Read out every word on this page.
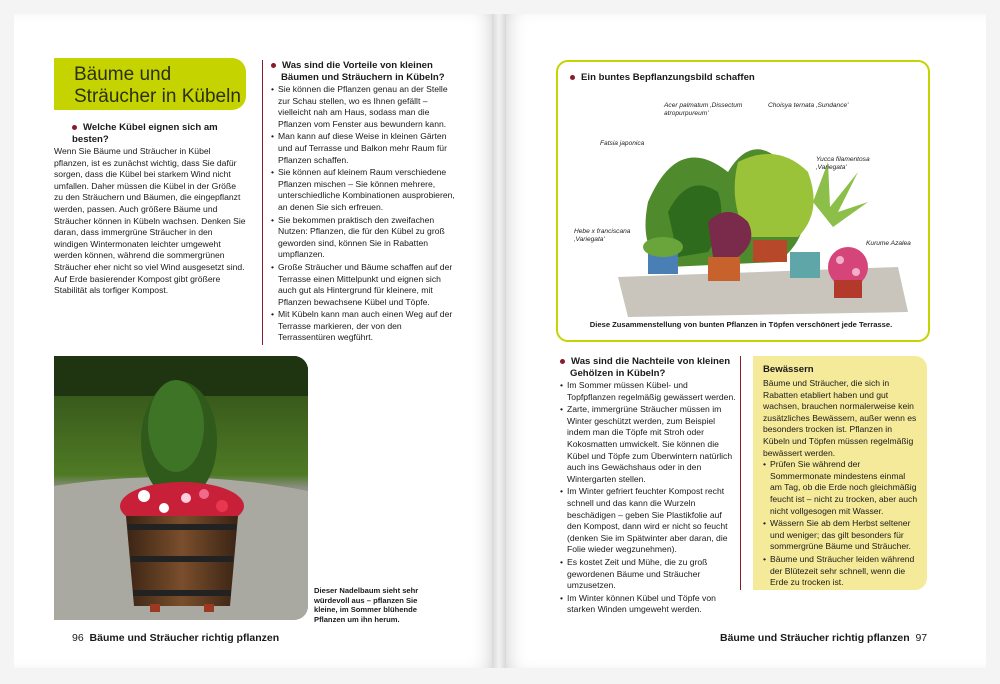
Bäume und Sträucher in Kübeln
Welche Kübel eignen sich am besten?
Wenn Sie Bäume und Sträucher in Kübel pflanzen, ist es zunächst wichtig, dass Sie dafür sorgen, dass die Kübel bei starkem Wind nicht umfallen. Daher müssen die Kübel in der Größe zu den Sträuchern und Bäumen, die eingepflanzt werden, passen. Auch größere Bäume und Sträucher können in Kübeln wachsen. Denken Sie daran, dass immergrüne Sträucher in den windigen Wintermonaten leichter umgeweht werden können, während die sommergrünen Sträucher eher nicht so viel Wind ausgesetzt sind. Auf Erde basierender Kompost gibt größere Stabilität als torfiger Kompost.
Was sind die Vorteile von kleinen Bäumen und Sträuchern in Kübeln?
• Sie können die Pflanzen genau an der Stelle zur Schau stellen, wo es Ihnen gefällt – vielleicht nah am Haus, sodass man die Pflanzen vom Fenster aus bewundern kann.
• Man kann auf diese Weise in kleinen Gärten und auf Terrasse und Balkon mehr Raum für Pflanzen schaffen.
• Sie können auf kleinem Raum verschiedene Pflanzen mischen – Sie können mehrere, unterschiedliche Kombinationen ausprobieren, an denen Sie sich erfreuen.
• Sie bekommen praktisch den zweifachen Nutzen: Pflanzen, die für den Kübel zu groß geworden sind, können Sie in Rabatten umpflanzen.
• Große Sträucher und Bäume schaffen auf der Terrasse einen Mittelpunkt und eignen sich auch gut als Hintergrund für kleinere, mit Pflanzen bewachsene Kübel und Töpfe.
• Mit Kübeln kann man auch einen Weg auf der Terrasse markieren, der von den Terrassentüren wegführt.
Dieser Nadelbaum sieht sehr würdevoll aus – pflanzen Sie kleine, im Sommer blühende Pflanzen um ihn herum.
96 Bäume und Sträucher richtig pflanzen
Ein buntes Bepflanzungsbild schaffen
Acer palmatum ‚Dissectum atropurpureum'
Choisya ternata ‚Sundance'
Fatsia japonica
Yucca filamentosa ‚Variegata'
Hebe x franciscana ‚Variegata'
Kurume Azalea
Diese Zusammenstellung von bunten Pflanzen in Töpfen verschönert jede Terrasse.
Was sind die Nachteile von kleinen Gehölzen in Kübeln?
• Im Sommer müssen Kübel- und Topfpflanzen regelmäßig gewässert werden.
• Zarte, immergrüne Sträucher müssen im Winter geschützt werden, zum Beispiel indem man die Töpfe mit Stroh oder Kokosmatten umwickelt. Sie können die Kübel und Töpfe zum Überwintern natürlich auch ins Gewächshaus oder in den Wintergarten stellen.
• Im Winter gefriert feuchter Kompost recht schnell und das kann die Wurzeln beschädigen – geben Sie Plastikfolie auf den Kompost, dann wird er nicht so feucht (denken Sie im Spätwinter aber daran, die Folie wieder wegzunehmen).
• Es kostet Zeit und Mühe, die zu groß gewordenen Bäume und Sträucher umzusetzen.
• Im Winter können Kübel und Töpfe von starken Winden umgeweht werden.
Bewässern
Bäume und Sträucher, die sich in Rabatten etabliert haben und gut wachsen, brauchen normalerweise kein zusätzliches Bewässern, außer wenn es besonders trocken ist. Pflanzen in Kübeln und Töpfen müssen regelmäßig bewässert werden.
• Prüfen Sie während der Sommermonate mindestens einmal am Tag, ob die Erde noch gleichmäßig feucht ist – nicht zu trocken, aber auch nicht vollgesogen mit Wasser.
• Wässern Sie ab dem Herbst seltener und weniger; das gilt besonders für sommergrüne Bäume und Sträucher.
• Bäume und Sträucher leiden während der Blütezeit sehr schnell, wenn die Erde zu trocken ist.
Bäume und Sträucher richtig pflanzen 97
